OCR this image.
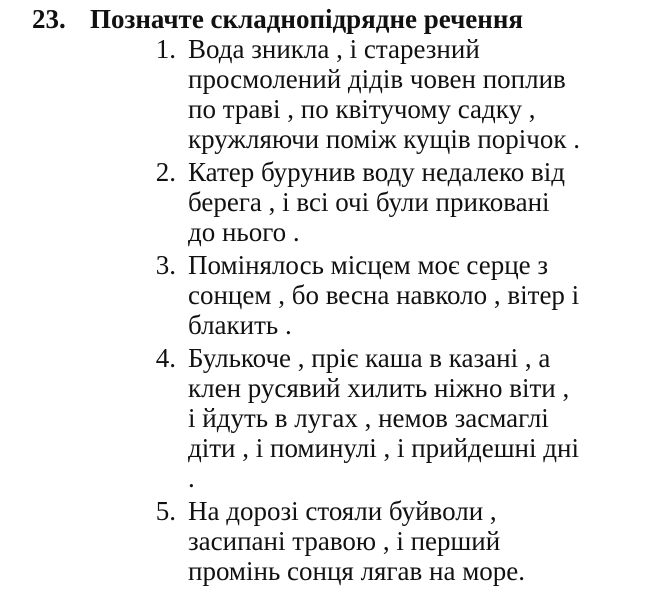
23. Позначте складнопідрядне речення
1. Вода зникла , і старезний
просмолений дідів човен поплив
по траві , по квітучому садку ,
кружляючи поміж кущів порічок .
2. Катер бурунив воду недалеко від
берега , і всі очі були приковані
до нього .
3. Помінялось місцем моє серце з
сонцем , бо весна навколо , вітер і
блакить .
4. Булькоче , пріє каша в казані , а
клен русявий хилить ніжно віти ,
і йдуть в лугах , немов засмаглі
діти , і поминулі , і прийдешні дні
.
5. На дорозі стояли буйволи ,
засипані травою , і перший
промінь сонця лягав на море.
